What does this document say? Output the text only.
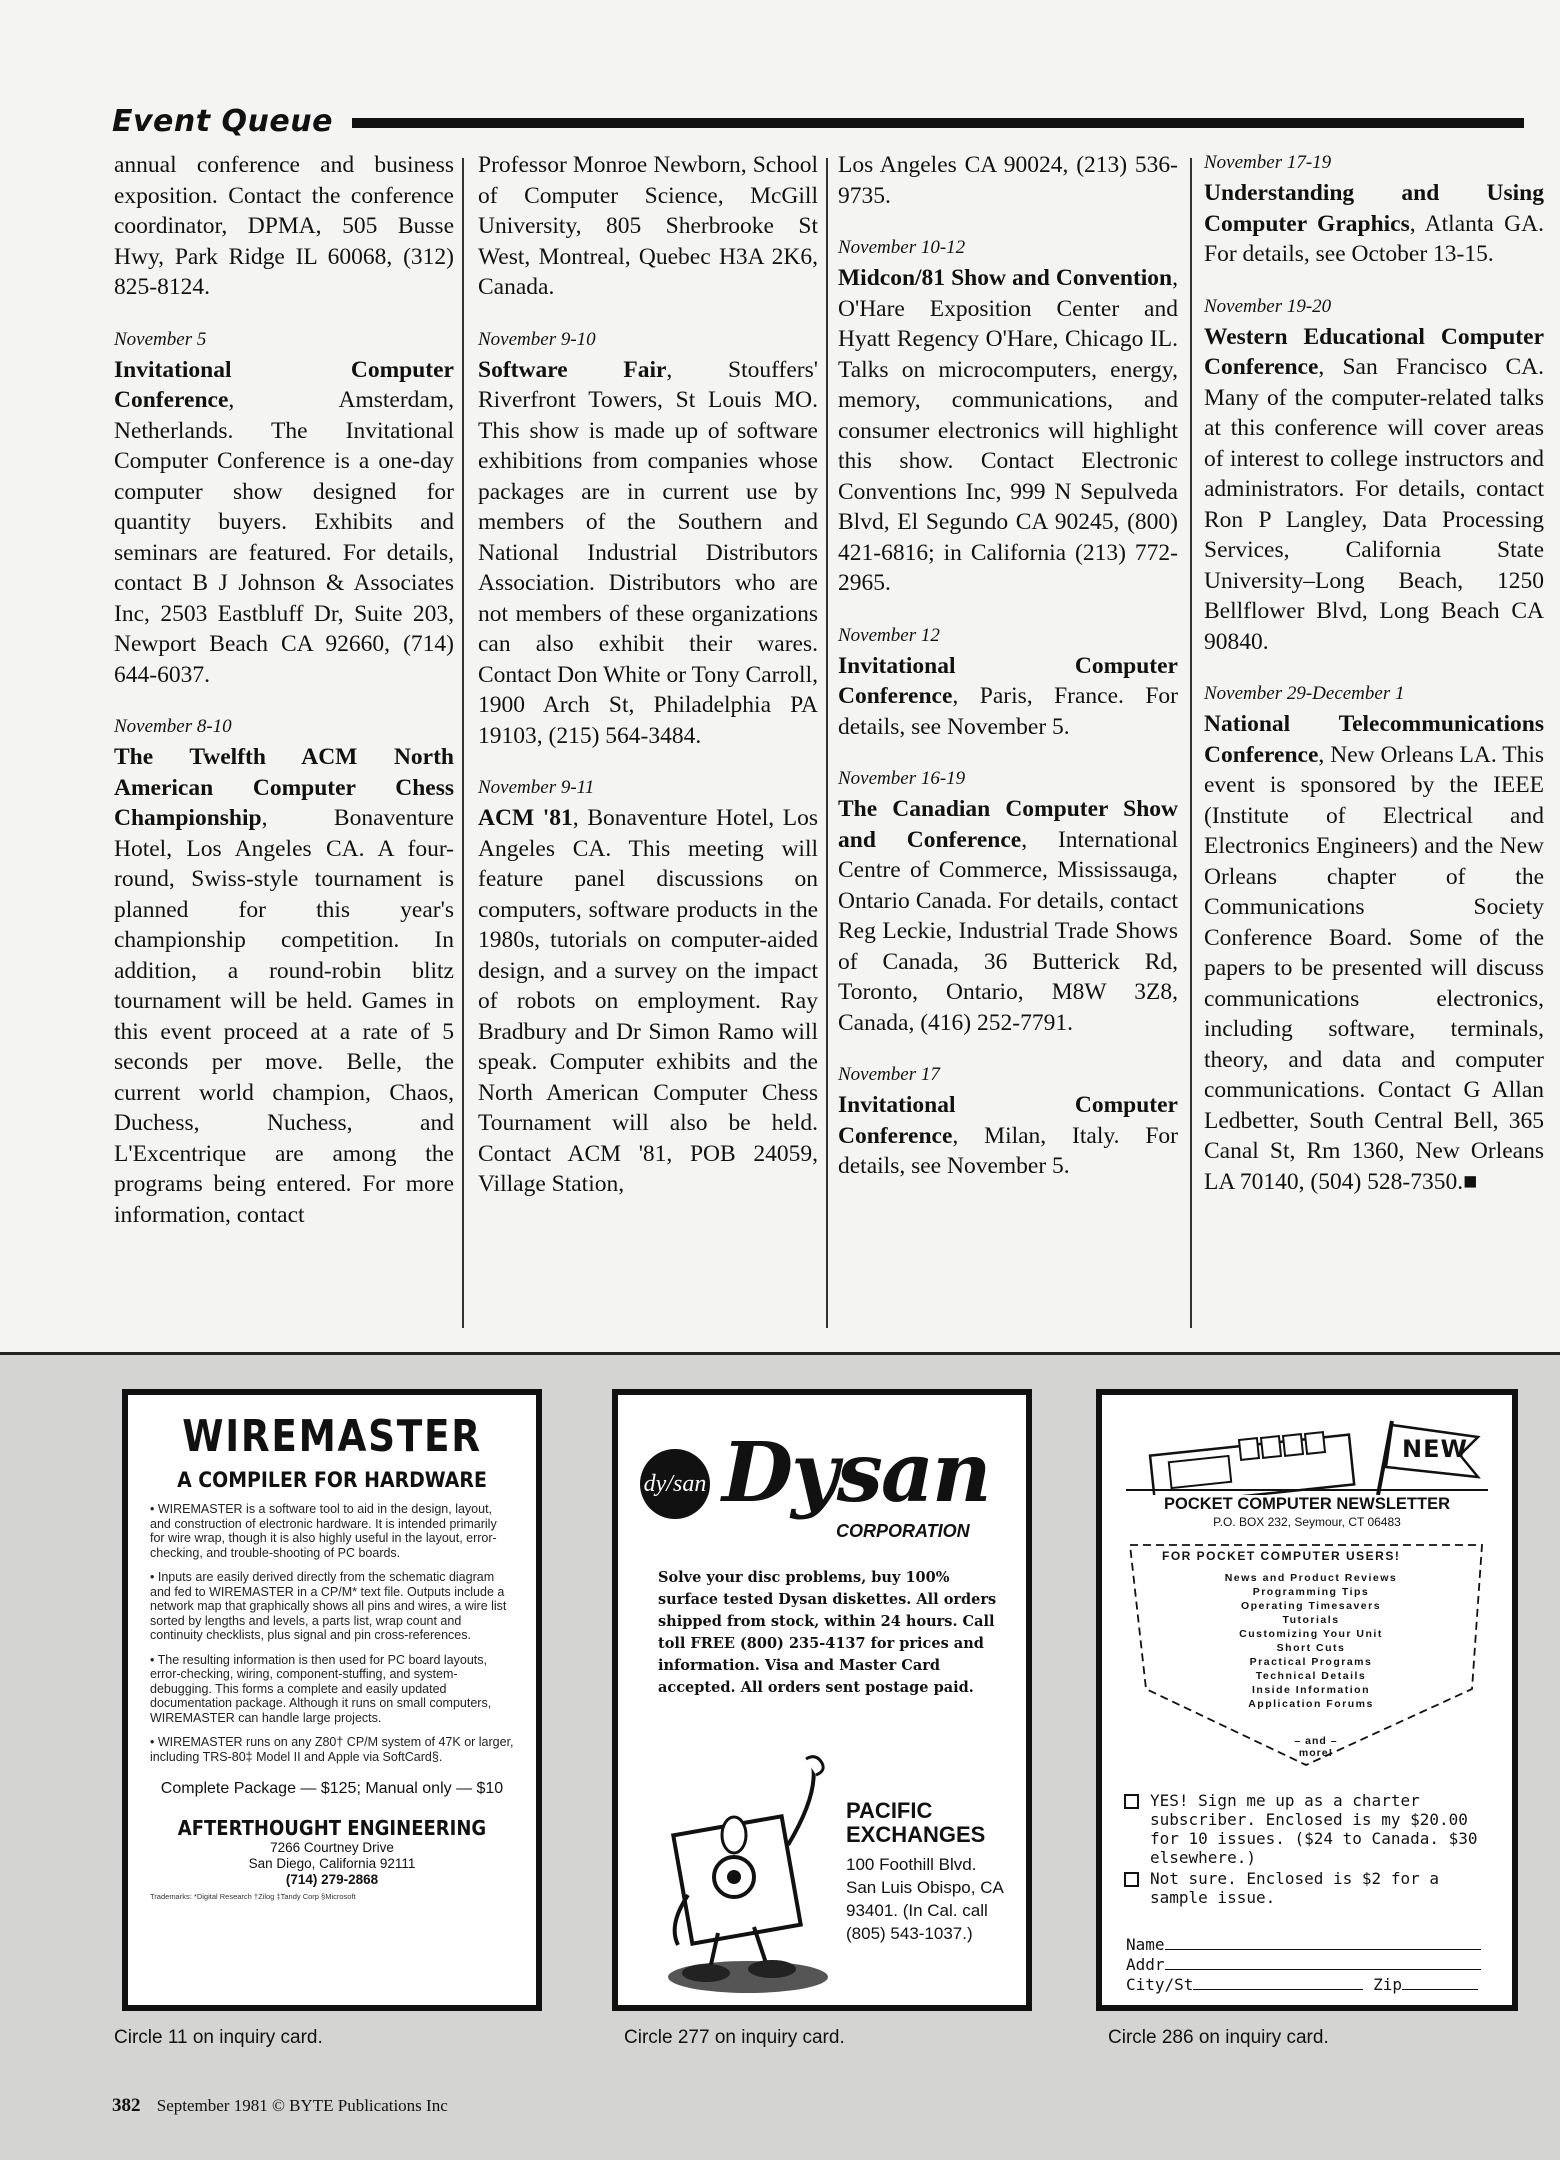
Event Queue

annual conference and business exposition. Contact the conference coordinator, DPMA, 505 Busse Hwy, Park Ridge IL 60068, (312) 825-8124.

November 5

Invitational Computer Conference

, Amsterdam, Netherlands. The Invitational Computer Conference is a one-day computer show designed for quantity buyers. Exhibits and seminars are featured. For details, contact B J Johnson & Associates Inc, 2503 Eastbluff Dr, Suite 203, Newport Beach CA 92660, (714) 644-6037.

November 8-10

The Twelfth ACM North American Computer Chess Championship

, Bonaventure Hotel, Los Angeles CA. A four-round, Swiss-style tournament is planned for this year's championship competition. In addition, a round-robin blitz tournament will be held. Games in this event proceed at a rate of 5 seconds per move. Belle, the current world champion, Chaos, Duchess, Nuchess, and L'Excentrique are among the programs being entered. For more information, contact

Professor Monroe Newborn, School of Computer Science, McGill University, 805 Sherbrooke St West, Montreal, Quebec H3A 2K6, Canada.

November 9-10

Software Fair

, Stouffers' Riverfront Towers, St Louis MO. This show is made up of software exhibitions from companies whose packages are in current use by members of the Southern and National Industrial Distributors Association. Distributors who are not members of these organizations can also exhibit their wares. Contact Don White or Tony Carroll, 1900 Arch St, Philadelphia PA 19103, (215) 564-3484.

November 9-11

ACM '81

, Bonaventure Hotel, Los Angeles CA. This meeting will feature panel discussions on computers, software products in the 1980s, tutorials on computer-aided design, and a survey on the impact of robots on employment. Ray Bradbury and Dr Simon Ramo will speak. Computer exhibits and the North American Computer Chess Tournament will also be held. Contact ACM '81, POB 24059, Village Station,

Los Angeles CA 90024, (213) 536-9735.

November 10-12

Midcon/81 Show and Convention

, O'Hare Exposition Center and Hyatt Regency O'Hare, Chicago IL. Talks on microcomputers, energy, memory, communications, and consumer electronics will highlight this show. Contact Electronic Conventions Inc, 999 N Sepulveda Blvd, El Segundo CA 90245, (800) 421-6816; in California (213) 772-2965.

November 12

Invitational Computer Conference

, Paris, France. For details, see November 5.

November 16-19

The Canadian Computer Show and Conference

, International Centre of Commerce, Mississauga, Ontario Canada. For details, contact Reg Leckie, Industrial Trade Shows of Canada, 36 Butterick Rd, Toronto, Ontario, M8W 3Z8, Canada, (416) 252-7791.

November 17

Invitational Computer Conference

, Milan, Italy. For details, see November 5.

November 17-19

Understanding and Using Computer Graphics

, Atlanta GA. For details, see October 13-15.

November 19-20

Western Educational Computer Conference

, San Francisco CA. Many of the computer-related talks at this conference will cover areas of interest to college instructors and administrators. For details, contact Ron P Langley, Data Processing Services, California State University–Long Beach, 1250 Bellflower Blvd, Long Beach CA 90840.

November 29-December 1

National Telecommunications Conference

, New Orleans LA. This event is sponsored by the IEEE (Institute of Electrical and Electronics Engineers) and the New Orleans chapter of the Communications Society Conference Board. Some of the papers to be presented will discuss communications electronics, including software, terminals, theory, and data and computer communications. Contact G Allan Ledbetter, South Central Bell, 365 Canal St, Rm 1360, New Orleans LA 70140, (504) 528-7350.■

WIREMASTER
A COMPILER FOR HARDWARE
• WIREMASTER is a software tool to aid in the design, layout, and construction of electronic hardware. It is intended primarily for wire wrap, though it is also highly useful in the layout, error-checking, and trouble-shooting of PC boards.
• Inputs are easily derived directly from the schematic diagram and fed to WIREMASTER in a CP/M* text file. Outputs include a network map that graphically shows all pins and wires, a wire list sorted by lengths and levels, a parts list, wrap count and continuity checklists, plus signal and pin cross-references.
• The resulting information is then used for PC board layouts, error-checking, wiring, component-stuffing, and system-debugging. This forms a complete and easily updated documentation package. Although it runs on small computers, WIREMASTER can handle large projects.
• WIREMASTER runs on any Z80† CP/M system of 47K or larger, including TRS-80‡ Model II and Apple via SoftCard§.
Complete Package — $125; Manual only — $10
AFTERTHOUGHT ENGINEERING
7266 Courtney Drive
San Diego, California 92111
(714) 279-2868
Trademarks: *Digital Research †Zilog ‡Tandy Corp §Microsoft
dy/san Dysan
CORPORATION
Solve your disc problems, buy 100% surface tested Dysan diskettes. All orders shipped from stock, within 24 hours. Call toll FREE (800) 235-4137 for prices and information. Visa and Master Card accepted. All orders sent postage paid.
PACIFIC
EXCHANGES
100 Foothill Blvd.
San Luis Obispo, CA
93401. (In Cal. call
(805) 543-1037.)
NEW
POCKET COMPUTER NEWSLETTER
P.O. BOX 232, Seymour, CT 06483
FOR POCKET COMPUTER USERS!
News and Product Reviews
Programming Tips
Operating Timesavers
Tutorials
Customizing Your Unit
Short Cuts
Practical Programs
Technical Details
Inside Information
Application Forums
– and –
more!
YES! Sign me up as a charter subscriber. Enclosed is my $20.00 for 10 issues. ($24 to Canada. $30 elsewhere.)
Not sure. Enclosed is $2 for a sample issue.
Name
Addr
City/St	Zip
Circle 11 on inquiry card.	Circle 277 on inquiry card.	Circle 286 on inquiry card.
382 September 1981 © BYTE Publications Inc
